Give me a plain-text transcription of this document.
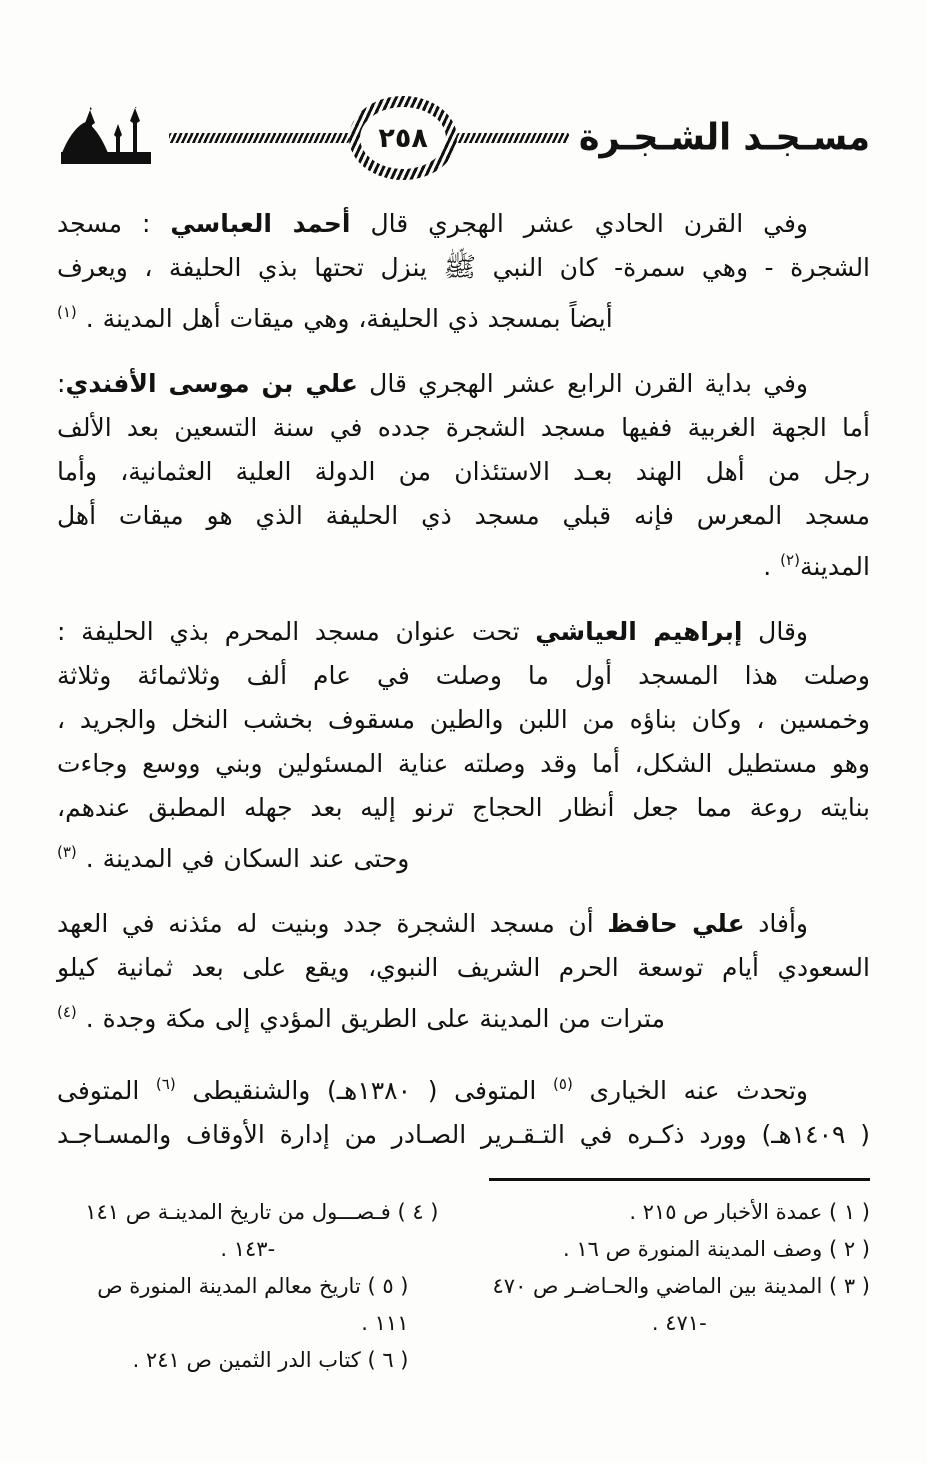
مسـجـد الشـجـرة
٢٥٨
وفي القرن الحادي عشر الهجري قال أحمد العباسي : مسجد
الشجرة - وهي سمرة- كان النبي ﷺ ينزل تحتها بذي الحليفة ، ويعرف
أيضاً بمسجد ذي الحليفة، وهي ميقات أهل المدينة . $^{(١)}$
وفي بداية القرن الرابع عشر الهجري قال علي بن موسى الأفندي:
أما الجهة الغربية ففيها مسجد الشجرة جدده في سنة التسعين بعد الألف
رجل من أهل الهند بعـد الاستئذان من الدولة العلية العثمانية، وأما
مسجد المعرس فإنه قبلي مسجد ذي الحليفة الذي هو ميقات أهل
المدينة$^{(٢)}$ .
وقال إبراهيم العياشي تحت عنوان مسجد المحرم بذي الحليفة :
وصلت هذا المسجد أول ما وصلت في عام ألف وثلاثمائة وثلاثة
وخمسين ، وكان بناؤه من اللبن والطين مسقوف بخشب النخل والجريد ،
وهو مستطيل الشكل، أما وقد وصلته عناية المسئولين وبني ووسع وجاءت
بنايته روعة مما جعل أنظار الحجاج ترنو إليه بعد جهله المطبق عندهم،
وحتى عند السكان في المدينة . $^{(٣)}$
وأفاد علي حافظ أن مسجد الشجرة جدد وبنيت له مئذنه في العهد
السعودي أيام توسعة الحرم الشريف النبوي، ويقع على بعد ثمانية كيلو
مترات من المدينة على الطريق المؤدي إلى مكة وجدة . $^{(٤)}$
وتحدث عنه الخيارى $^{(٥)}$ المتوفى ( ١٣٨٠هـ) والشنقيطى $^{(٦)}$ المتوفى
( ١٤٠٩هـ) وورد ذكـره في التـقـرير الصـادر من إدارة الأوقاف والمسـاجـد
( ١ ) عمدة الأخبار ص ٢١٥ .
( ٢ ) وصف المدينة المنورة ص ١٦ .
( ٣ ) المدينة بين الماضي والحـاضـر ص ٤٧٠
-٤٧١ .
( ٤ ) فـصـــول من تاريخ المدينـة ص ١٤١
-١٤٣ .
( ٥ ) تاريخ معالم المدينة المنورة ص ١١١ .
( ٦ ) كتاب الدر الثمين ص ٢٤١ .
